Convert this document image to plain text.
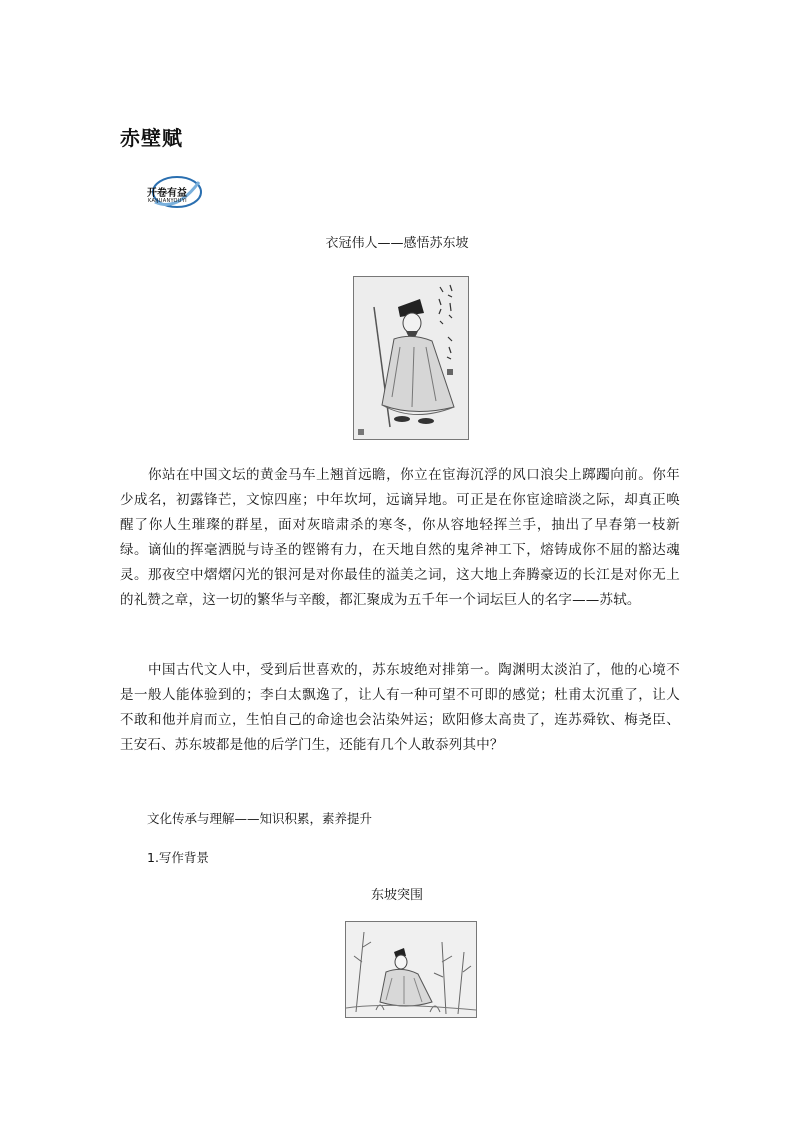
赤壁赋
开卷有益
KAIJUANYOUYI
衣冠伟人——感悟苏东坡
你站在中国文坛的黄金马车上翘首远瞻，你立在宦海沉浮的风口浪尖上踯躅向前。你年少成名，初露锋芒，文惊四座；中年坎坷，远谪异地。可正是在你宦途暗淡之际，却真正唤醒了你人生璀璨的群星，面对灰暗肃杀的寒冬，你从容地轻挥兰手，抽出了早春第一枝新绿。谪仙的挥毫洒脱与诗圣的铿锵有力，在天地自然的鬼斧神工下，熔铸成你不屈的豁达魂灵。那夜空中熠熠闪光的银河是对你最佳的溢美之词，这大地上奔腾豪迈的长江是对你无上的礼赞之章，这一切的繁华与辛酸，都汇聚成为五千年一个词坛巨人的名字——苏轼。
中国古代文人中，受到后世喜欢的，苏东坡绝对排第一。陶渊明太淡泊了，他的心境不是一般人能体验到的；李白太飘逸了，让人有一种可望不可即的感觉；杜甫太沉重了，让人不敢和他并肩而立，生怕自己的命途也会沾染舛运；欧阳修太高贵了，连苏舜钦、梅尧臣、王安石、苏东坡都是他的后学门生，还能有几个人敢忝列其中？
文化传承与理解——知识积累，素养提升
1.写作背景
东坡突围
